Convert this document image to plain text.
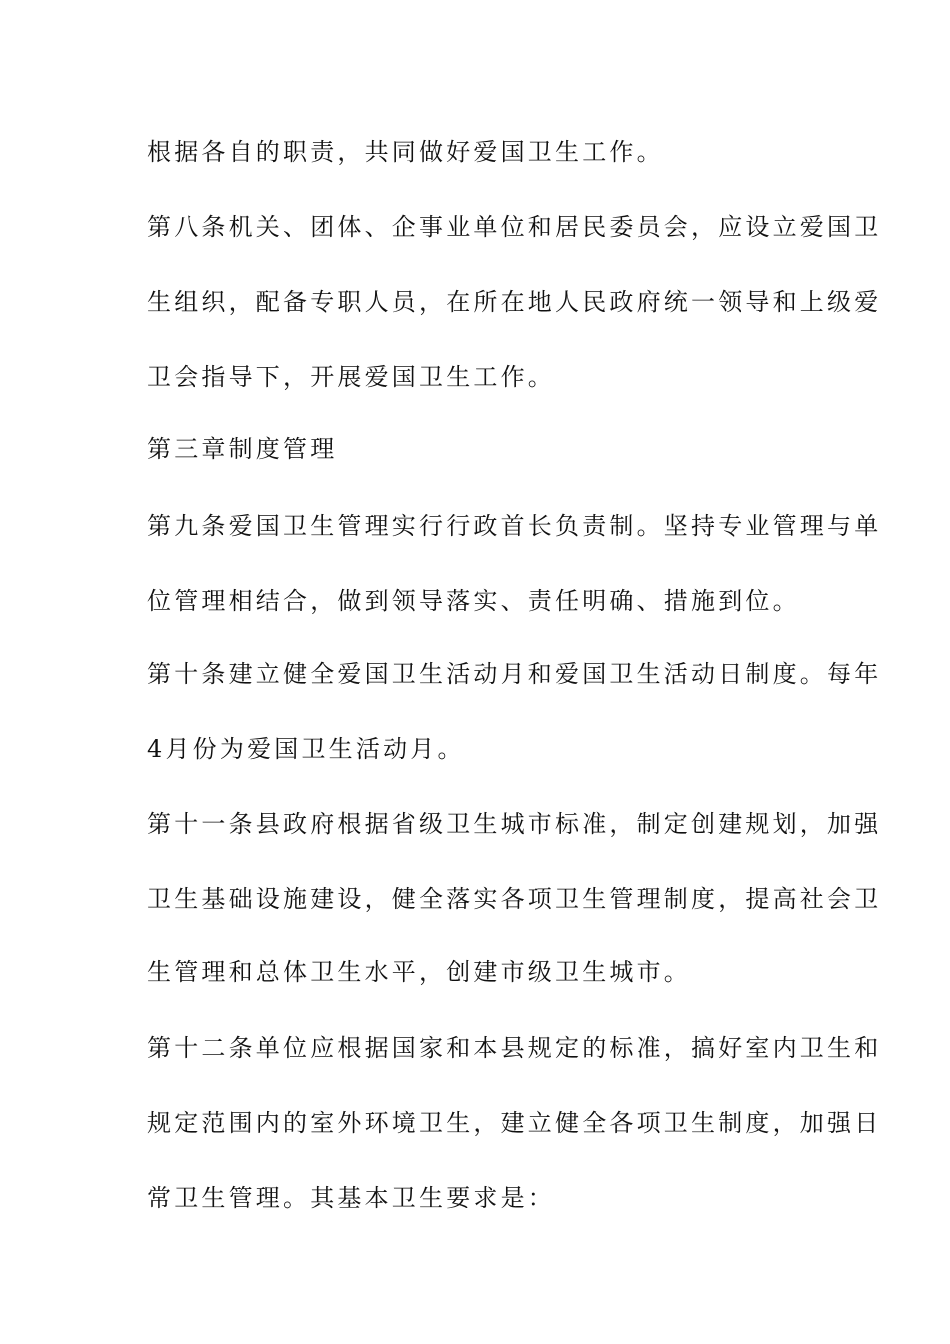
根据各自的职责，共同做好爱国卫生工作。

第八条机关、团体、企事业单位和居民委员会，应设立爱国卫

生组织，配备专职人员，在所在地人民政府统一领导和上级爱

卫会指导下，开展爱国卫生工作。

第三章制度管理

第九条爱国卫生管理实行行政首长负责制。坚持专业管理与单

位管理相结合，做到领导落实、责任明确、措施到位。

第十条建立健全爱国卫生活动月和爱国卫生活动日制度。每年

4月份为爱国卫生活动月。

第十一条县政府根据省级卫生城市标准，制定创建规划，加强

卫生基础设施建设，健全落实各项卫生管理制度，提高社会卫

生管理和总体卫生水平，创建市级卫生城市。

第十二条单位应根据国家和本县规定的标准，搞好室内卫生和

规定范围内的室外环境卫生，建立健全各项卫生制度，加强日

常卫生管理。其基本卫生要求是：
